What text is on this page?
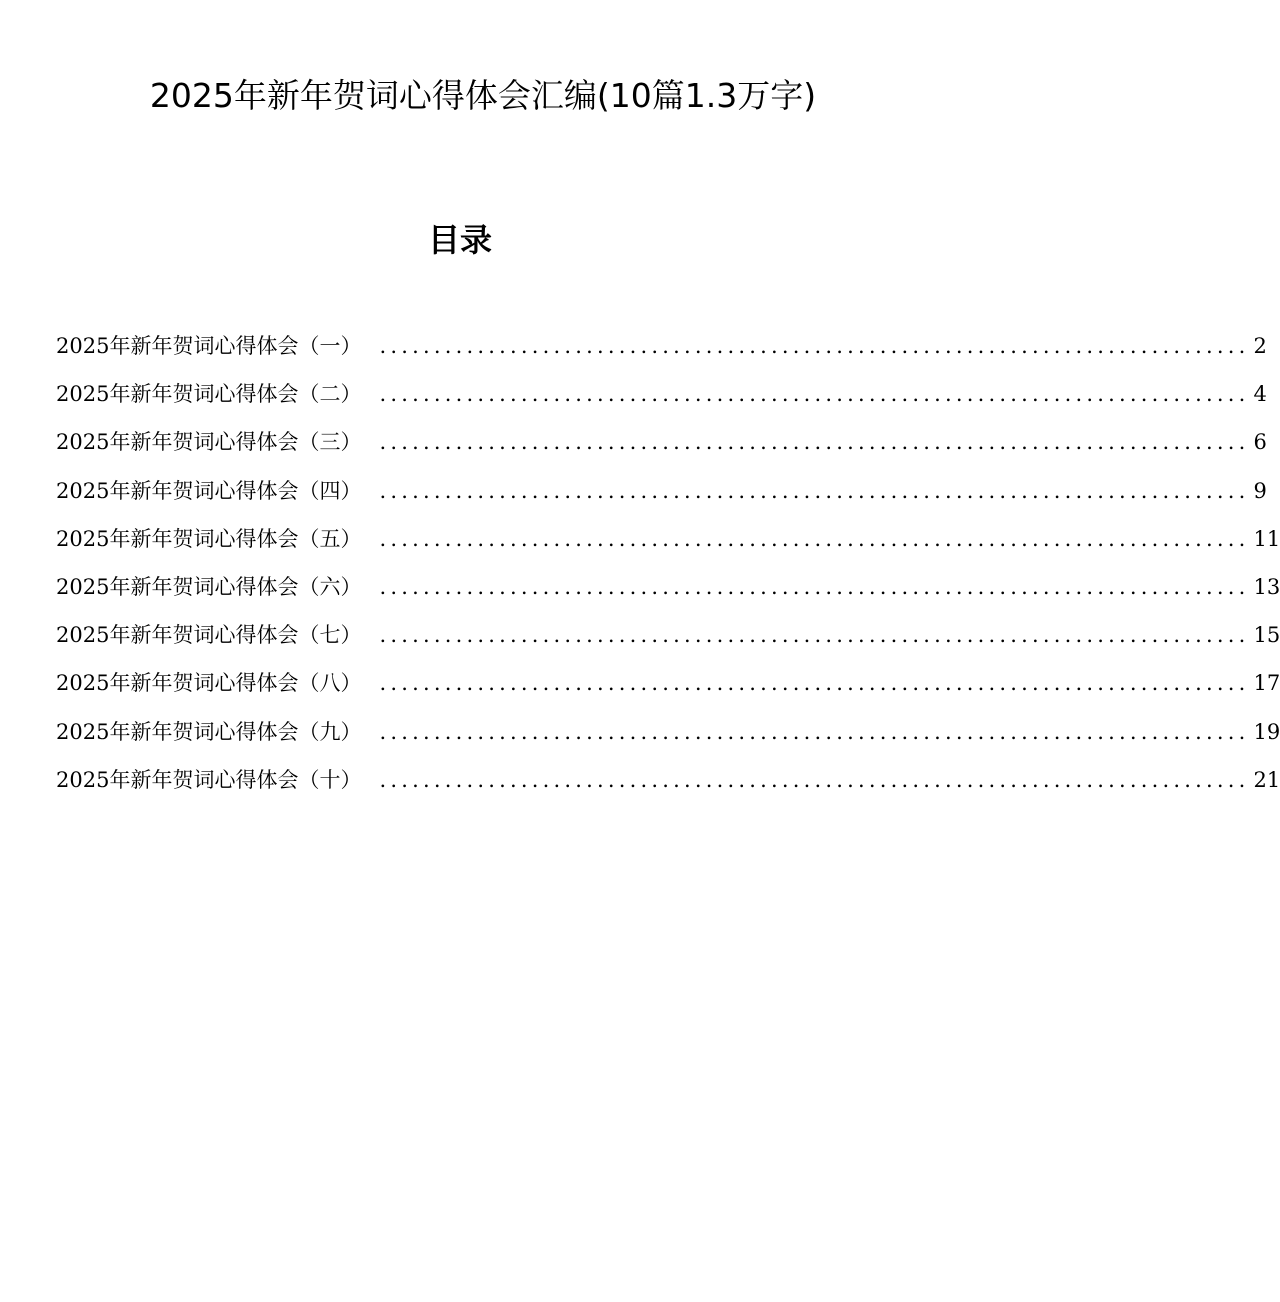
2025年新年贺词心得体会汇编(10篇1.3万字)
目录
2025年新年贺词心得体会（一） ................................................................................ 2
2025年新年贺词心得体会（二） ................................................................................ 4
2025年新年贺词心得体会（三） ................................................................................ 6
2025年新年贺词心得体会（四） ................................................................................ 9
2025年新年贺词心得体会（五） ................................................................................ 11
2025年新年贺词心得体会（六） ................................................................................ 13
2025年新年贺词心得体会（七） ................................................................................ 15
2025年新年贺词心得体会（八） ................................................................................ 17
2025年新年贺词心得体会（九） ................................................................................ 19
2025年新年贺词心得体会（十） ................................................................................ 21
